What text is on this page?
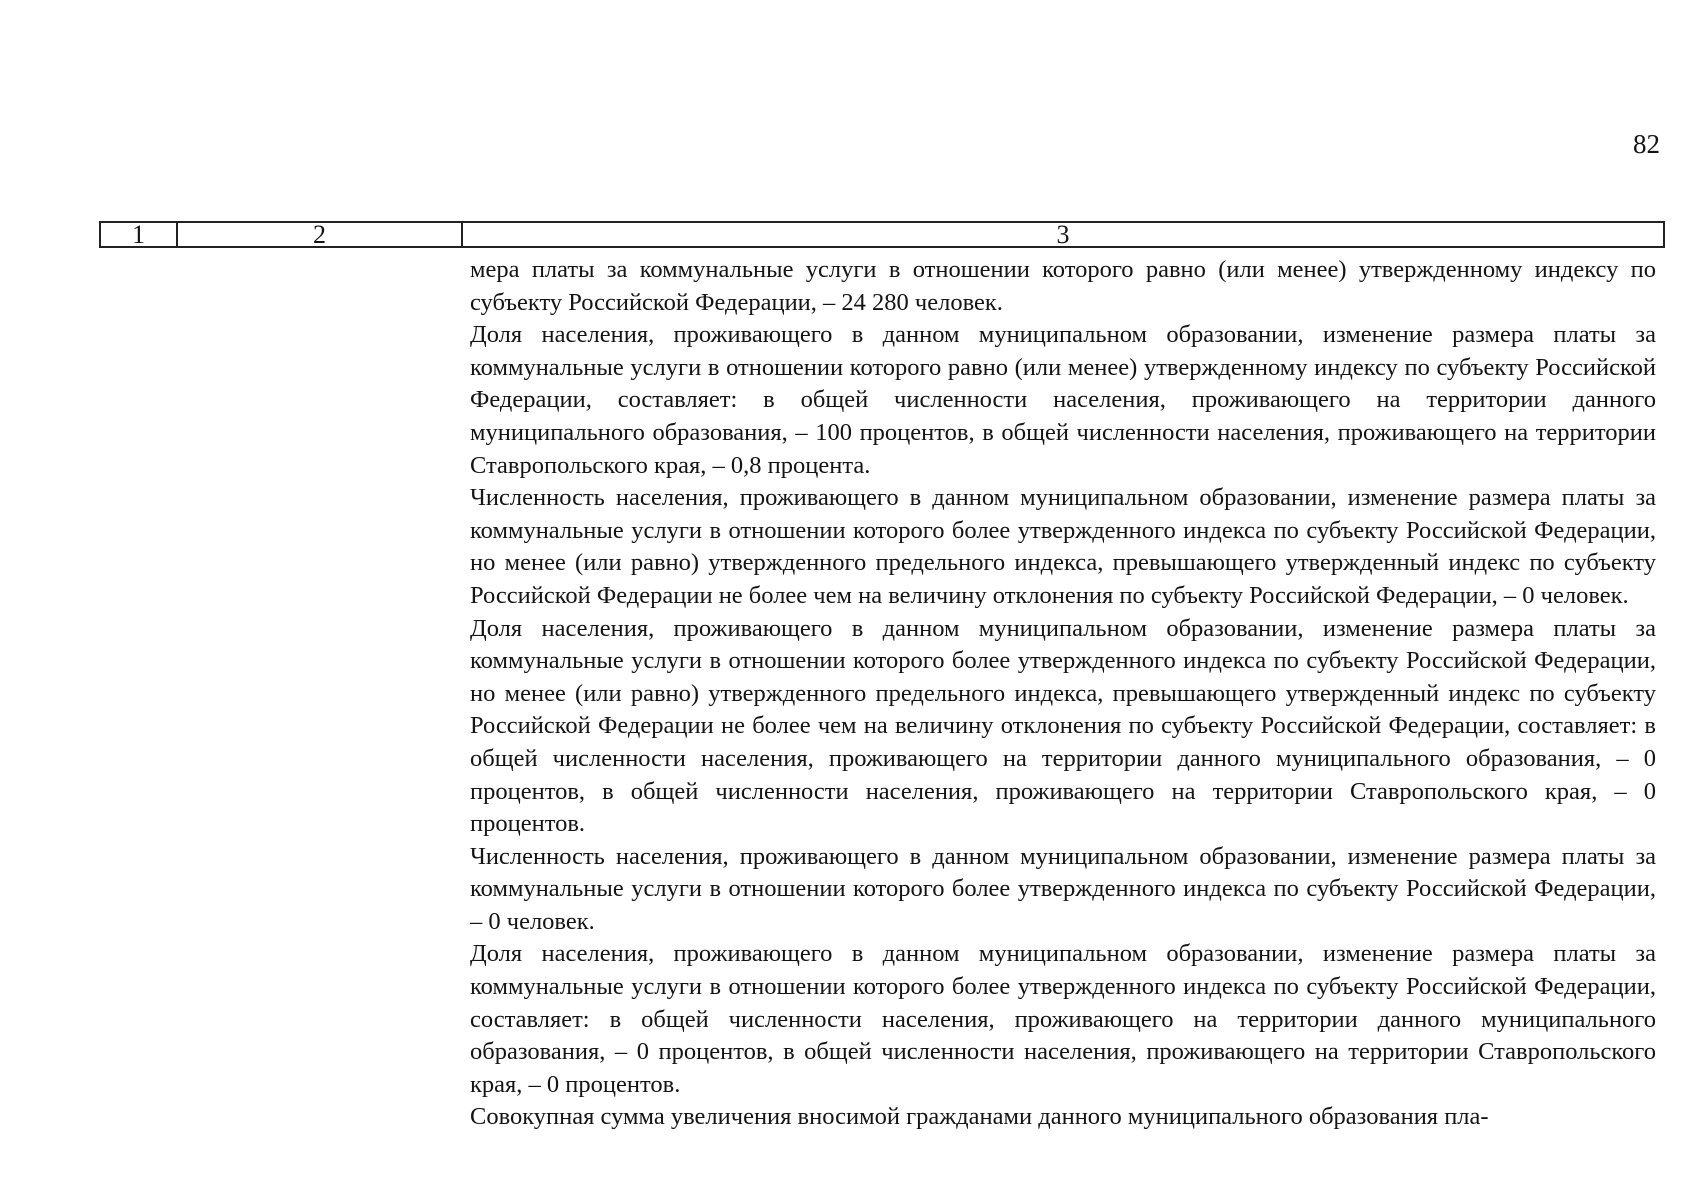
82
1	2	3

мера платы за коммунальные услуги в отношении которого равно (или менее) утвержденному индексу по субъекту Российской Федерации, – 24 280 человек.

Доля населения, проживающего в данном муниципальном образовании, изменение размера платы за коммунальные услуги в отношении которого равно (или менее) утвержденному индексу по субъекту Российской Федерации, составляет: в общей численности населения, проживающего на территории данного муниципального образования, – 100 процентов, в общей численности населения, проживающего на территории Ставропольского края, – 0,8 процента.

Численность населения, проживающего в данном муниципальном образовании, изменение размера платы за коммунальные услуги в отношении которого более утвержденного индекса по субъекту Российской Федерации, но менее (или равно) утвержденного предельного индекса, превышающего утвержденный индекс по субъекту Российской Федерации не более чем на величину отклонения по субъекту Российской Федерации, – 0 человек.

Доля населения, проживающего в данном муниципальном образовании, изменение размера платы за коммунальные услуги в отношении которого более утвержденного индекса по субъекту Российской Федерации, но менее (или равно) утвержденного предельного индекса, превышающего утвержденный индекс по субъекту Российской Федерации не более чем на величину отклонения по субъекту Российской Федерации, составляет: в общей численности населения, проживающего на территории данного муниципального образования, – 0 процентов, в общей численности населения, проживающего на территории Ставропольского края, – 0 процентов.

Численность населения, проживающего в данном муниципальном образовании, изменение размера платы за коммунальные услуги в отношении которого более утвержденного индекса по субъекту Российской Федерации, – 0 человек.

Доля населения, проживающего в данном муниципальном образовании, изменение размера платы за коммунальные услуги в отношении которого более утвержденного индекса по субъекту Российской Федерации, составляет: в общей численности населения, проживающего на территории данного муниципального образования, – 0 процентов, в общей численности населения, проживающего на территории Ставропольского края, – 0 процентов.

Совокупная сумма увеличения вносимой гражданами данного муниципального образования пла-
